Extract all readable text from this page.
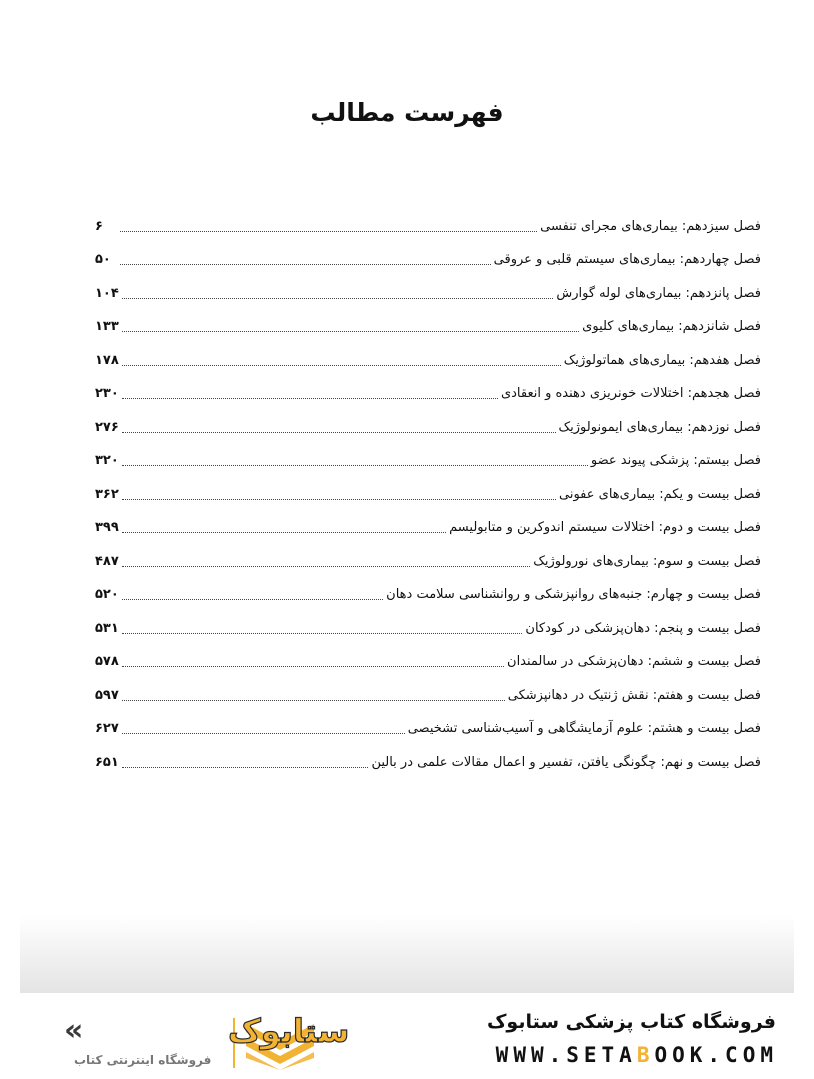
فهرست مطالب
فصل سیزدهم: بیماری‌های مجرای تنفسی
۶
فصل چهاردهم: بیماری‌های سیستم قلبی و عروقی
۵۰
فصل پانزدهم: بیماری‌های لوله گوارش
۱۰۴
فصل شانزدهم: بیماری‌های کلیوی
۱۳۳
فصل هفدهم: بیماری‌های هماتولوژیک
۱۷۸
فصل هجدهم: اختلالات خونریزی دهنده و انعقادی
۲۳۰
فصل نوزدهم: بیماری‌های ایمونولوژیک
۲۷۶
فصل بیستم: پزشکی پیوند عضو
۳۲۰
فصل بیست و یکم: بیماری‌های عفونی
۳۶۲
فصل بیست و دوم: اختلالات سیستم اندوکرین و متابولیسم
۳۹۹
فصل بیست و سوم: بیماری‌های نورولوژیک
۴۸۷
فصل بیست و چهارم: جنبه‌های روانپزشکی و روانشناسی سلامت دهان
۵۲۰
فصل بیست و پنجم: دهان‌پزشکی در کودکان
۵۳۱
فصل بیست و ششم: دهان‌پزشکی در سالمندان
۵۷۸
فصل بیست و هفتم: نقش ژنتیک در دهانپزشکی
۵۹۷
فصل بیست و هشتم: علوم آزمایشگاهی و آسیب‌شناسی تشخیصی
۶۲۷
فصل بیست و نهم: چگونگی یافتن، تفسیر و اعمال مقالات علمی در بالین
۶۵۱
فروشگاه کتاب پزشکی ستابوک
WWW.SETABOOK.COM
ستابوک
«
فروشگاه اینترنتی کتاب
